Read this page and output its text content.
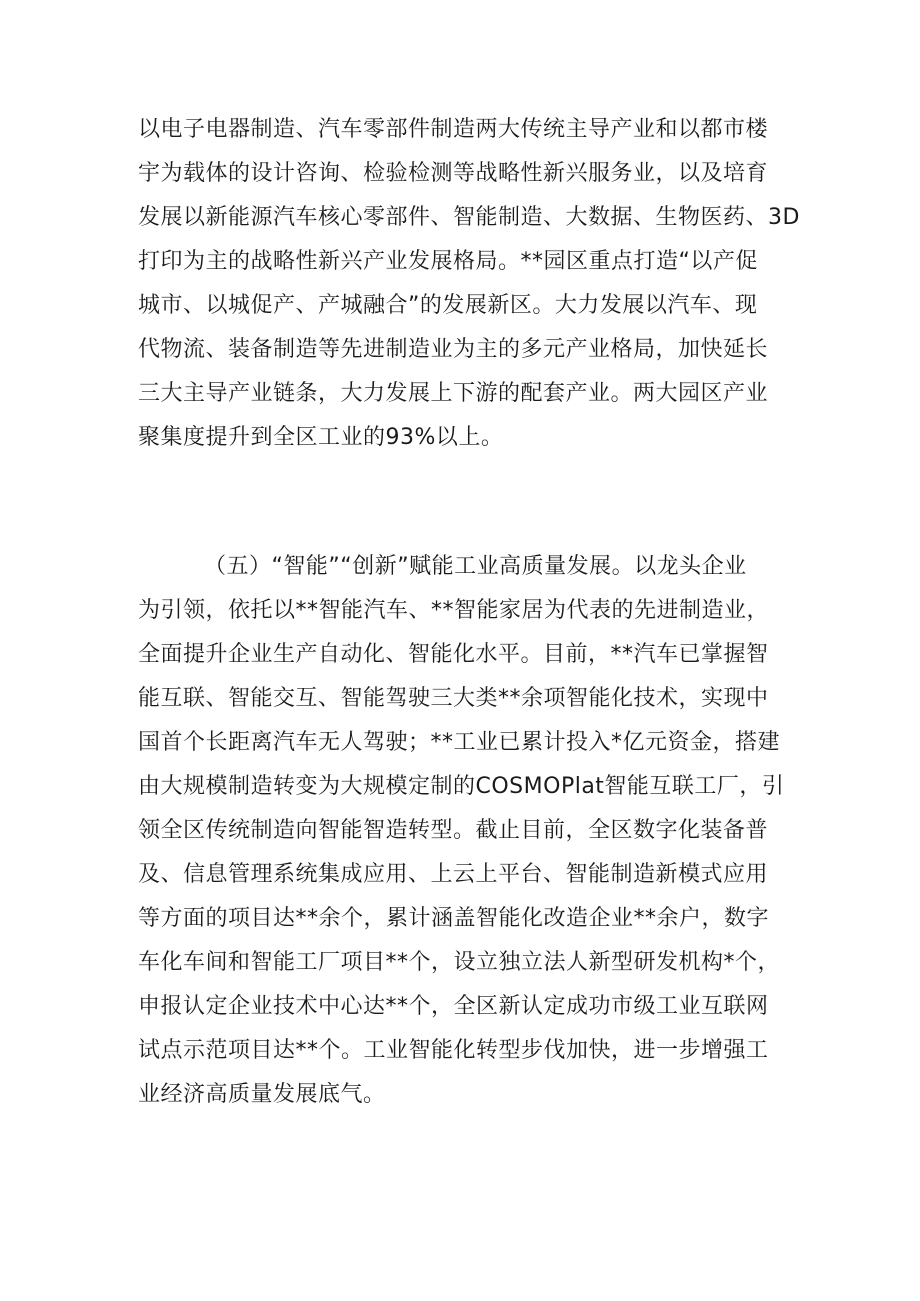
以电子电器制造、汽车零部件制造两大传统主导产业和以都市楼
宇为载体的设计咨询、检验检测等战略性新兴服务业，以及培育
发展以新能源汽车核心零部件、智能制造、大数据、生物医药、3D
打印为主的战略性新兴产业发展格局。**园区重点打造“以产促
城市、以城促产、产城融合”的发展新区。大力发展以汽车、现
代物流、装备制造等先进制造业为主的多元产业格局，加快延长
三大主导产业链条，大力发展上下游的配套产业。两大园区产业
聚集度提升到全区工业的93%以上。
（五）“智能”“创新”赋能工业高质量发展。以龙头企业
为引领，依托以**智能汽车、**智能家居为代表的先进制造业，
全面提升企业生产自动化、智能化水平。目前，**汽车已掌握智
能互联、智能交互、智能驾驶三大类**余项智能化技术，实现中
国首个长距离汽车无人驾驶；**工业已累计投入*亿元资金，搭建
由大规模制造转变为大规模定制的COSMOPlat智能互联工厂，引
领全区传统制造向智能智造转型。截止目前，全区数字化装备普
及、信息管理系统集成应用、上云上平台、智能制造新模式应用
等方面的项目达**余个，累计涵盖智能化改造企业**余户，数字
车化车间和智能工厂项目**个，设立独立法人新型研发机构*个，
申报认定企业技术中心达**个，全区新认定成功市级工业互联网
试点示范项目达**个。工业智能化转型步伐加快，进一步增强工
业经济高质量发展底气。
